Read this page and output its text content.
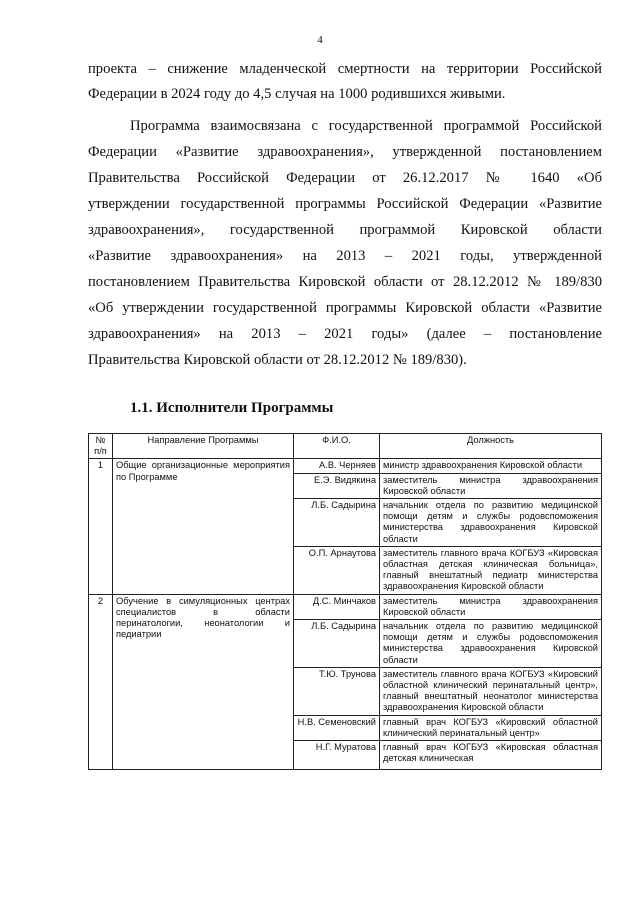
4
проекта – снижение младенческой смертности на территории Российской
Федерации в 2024 году до 4,5 случая на 1000 родившихся живыми.
Программа взаимосвязана с государственной программой Российской
Федерации «Развитие здравоохранения», утвержденной постановлением
Правительства Российской Федерации от 26.12.2017 № 1640 «Об
утверждении государственной программы Российской Федерации «Развитие
здравоохранения», государственной программой Кировской области
«Развитие здравоохранения» на 2013 – 2021 годы, утвержденной
постановлением Правительства Кировской области от 28.12.2012 № 189/830
«Об утверждении государственной программы Кировской области «Развитие
здравоохранения» на 2013 – 2021 годы» (далее – постановление
Правительства Кировской области от 28.12.2012 № 189/830).
1.1. Исполнители Программы
№ п/п	Направление Программы	Ф.И.О.	Должность
1	Общие организационные мероприятия по Программе	А.В. Черняев	министр здравоохранения Кировской области
		Е.Э. Видякина	заместитель министра здравоохранения Кировской области
		Л.Б. Садырина	начальник отдела по развитию медицинской помощи детям и службы родовспоможения министерства здравоохранения Кировской области
		О.П. Арнаутова	заместитель главного врача КОГБУЗ «Кировская областная детская клиническая больница», главный внештатный педиатр министерства здравоохранения Кировской области
2	Обучение в симуляционных центрах специалистов в области перинатологии, неонатологии и педиатрии	Д.С. Минчаков	заместитель министра здравоохранения Кировской области
		Л.Б. Садырина	начальник отдела по развитию медицинской помощи детям и службы родовспоможения министерства здравоохранения Кировской области
		Т.Ю. Трунова	заместитель главного врача КОГБУЗ «Кировский областной клинический перинатальный центр», главный внештатный неонатолог министерства здравоохранения Кировской области
		Н.В. Семеновский	главный врач КОГБУЗ «Кировский областной клинический перинатальный центр»
		Н.Г. Муратова	главный врач КОГБУЗ «Кировская областная детская клиническая
